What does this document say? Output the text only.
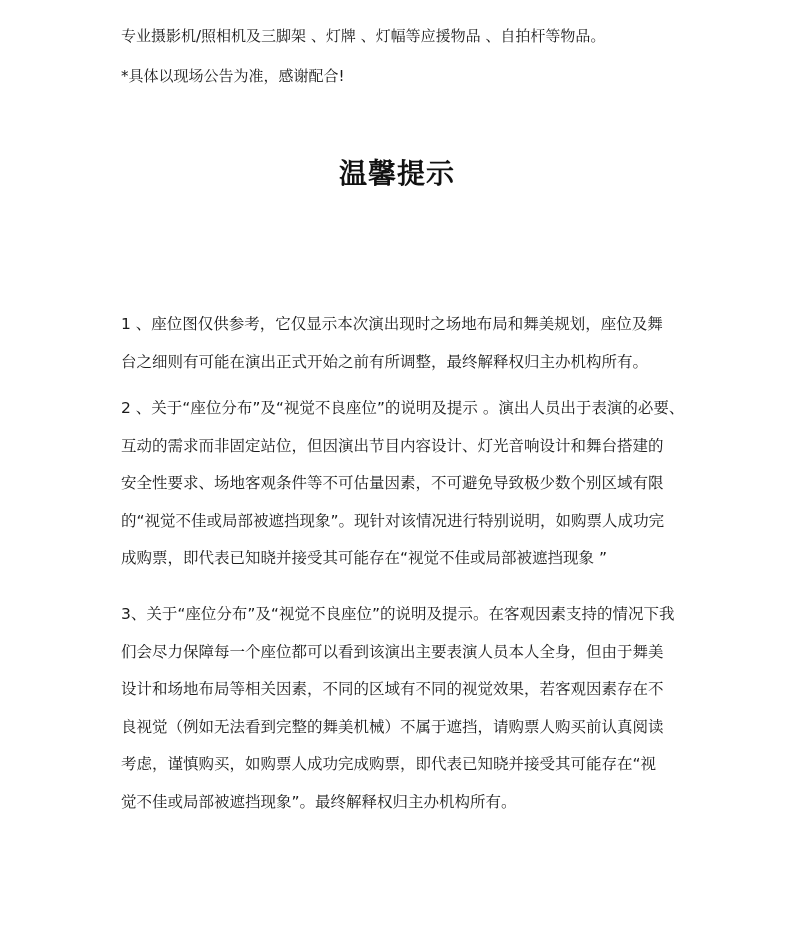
专业摄影机/照相机及三脚架 、灯牌 、灯幅等应援物品 、自拍杆等物品。
*具体以现场公告为准，感谢配合!
温馨提示
1 、座位图仅供参考，它仅显示本次演出现时之场地布局和舞美规划，座位及舞
台之细则有可能在演出正式开始之前有所调整，最终解释权归主办机构所有。
2 、关于“座位分布”及“视觉不良座位”的说明及提示 。演出人员出于表演的必要、
互动的需求而非固定站位，但因演出节目内容设计、灯光音响设计和舞台搭建的
安全性要求、场地客观条件等不可估量因素，不可避免导致极少数个别区域有限
的“视觉不佳或局部被遮挡现象”。现针对该情况进行特别说明，如购票人成功完
成购票，即代表已知晓并接受其可能存在“视觉不佳或局部被遮挡现象 ”
3、关于“座位分布”及“视觉不良座位”的说明及提示。在客观因素支持的情况下我
们会尽力保障每一个座位都可以看到该演出主要表演人员本人全身，但由于舞美
设计和场地布局等相关因素，不同的区域有不同的视觉效果，若客观因素存在不
良视觉（例如无法看到完整的舞美机械）不属于遮挡，请购票人购买前认真阅读
考虑，谨慎购买，如购票人成功完成购票，即代表已知晓并接受其可能存在“视
觉不佳或局部被遮挡现象”。最终解释权归主办机构所有。
